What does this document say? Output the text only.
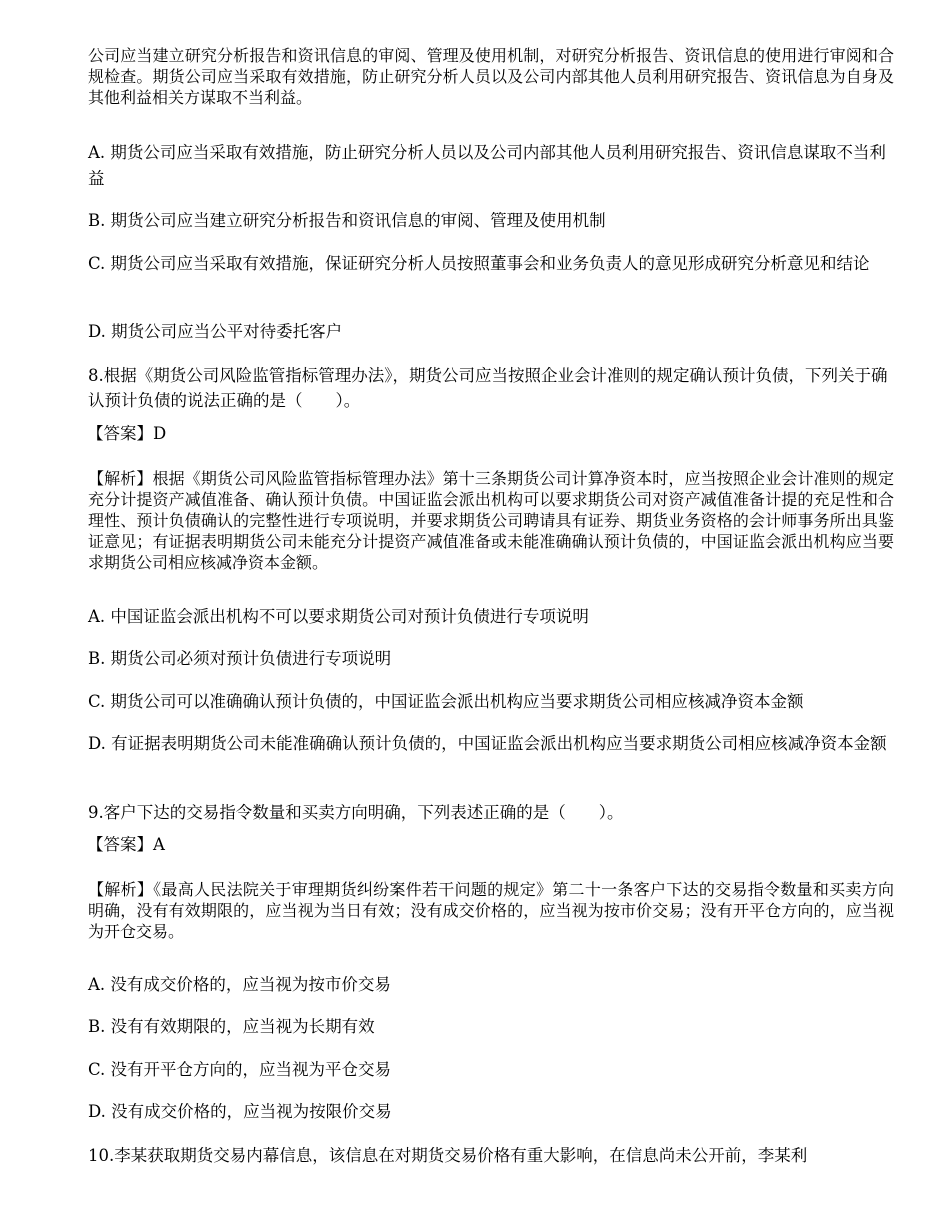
公司应当建立研究分析报告和资讯信息的审阅、管理及使用机制，对研究分析报告、资讯信息的使用进行审阅和合规检查。期货公司应当采取有效措施，防止研究分析人员以及公司内部其他人员利用研究报告、资讯信息为自身及其他利益相关方谋取不当利益。

A. 期货公司应当采取有效措施，防止研究分析人员以及公司内部其他人员利用研究报告、资讯信息谋取不当利益

B. 期货公司应当建立研究分析报告和资讯信息的审阅、管理及使用机制

C. 期货公司应当采取有效措施，保证研究分析人员按照董事会和业务负责人的意见形成研究分析意见和结论

D. 期货公司应当公平对待委托客户

8.根据《期货公司风险监管指标管理办法》，期货公司应当按照企业会计准则的规定确认预计负债，下列关于确认预计负债的说法正确的是（　　）。

【答案】D

【解析】根据《期货公司风险监管指标管理办法》第十三条期货公司计算净资本时，应当按照企业会计准则的规定充分计提资产减值准备、确认预计负债。中国证监会派出机构可以要求期货公司对资产减值准备计提的充足性和合理性、预计负债确认的完整性进行专项说明，并要求期货公司聘请具有证券、期货业务资格的会计师事务所出具鉴证意见；有证据表明期货公司未能充分计提资产减值准备或未能准确确认预计负债的，中国证监会派出机构应当要求期货公司相应核减净资本金额。

A. 中国证监会派出机构不可以要求期货公司对预计负债进行专项说明

B. 期货公司必须对预计负债进行专项说明

C. 期货公司可以准确确认预计负债的，中国证监会派出机构应当要求期货公司相应核减净资本金额

D. 有证据表明期货公司未能准确确认预计负债的，中国证监会派出机构应当要求期货公司相应核减净资本金额

9.客户下达的交易指令数量和买卖方向明确，下列表述正确的是（　　）。

【答案】A

【解析】《最高人民法院关于审理期货纠纷案件若干问题的规定》第二十一条客户下达的交易指令数量和买卖方向明确，没有有效期限的，应当视为当日有效；没有成交价格的，应当视为按市价交易；没有开平仓方向的，应当视为开仓交易。

A. 没有成交价格的，应当视为按市价交易

B. 没有有效期限的，应当视为长期有效

C. 没有开平仓方向的，应当视为平仓交易

D. 没有成交价格的，应当视为按限价交易

10.李某获取期货交易内幕信息，该信息在对期货交易价格有重大影响，在信息尚未公开前，李某利
